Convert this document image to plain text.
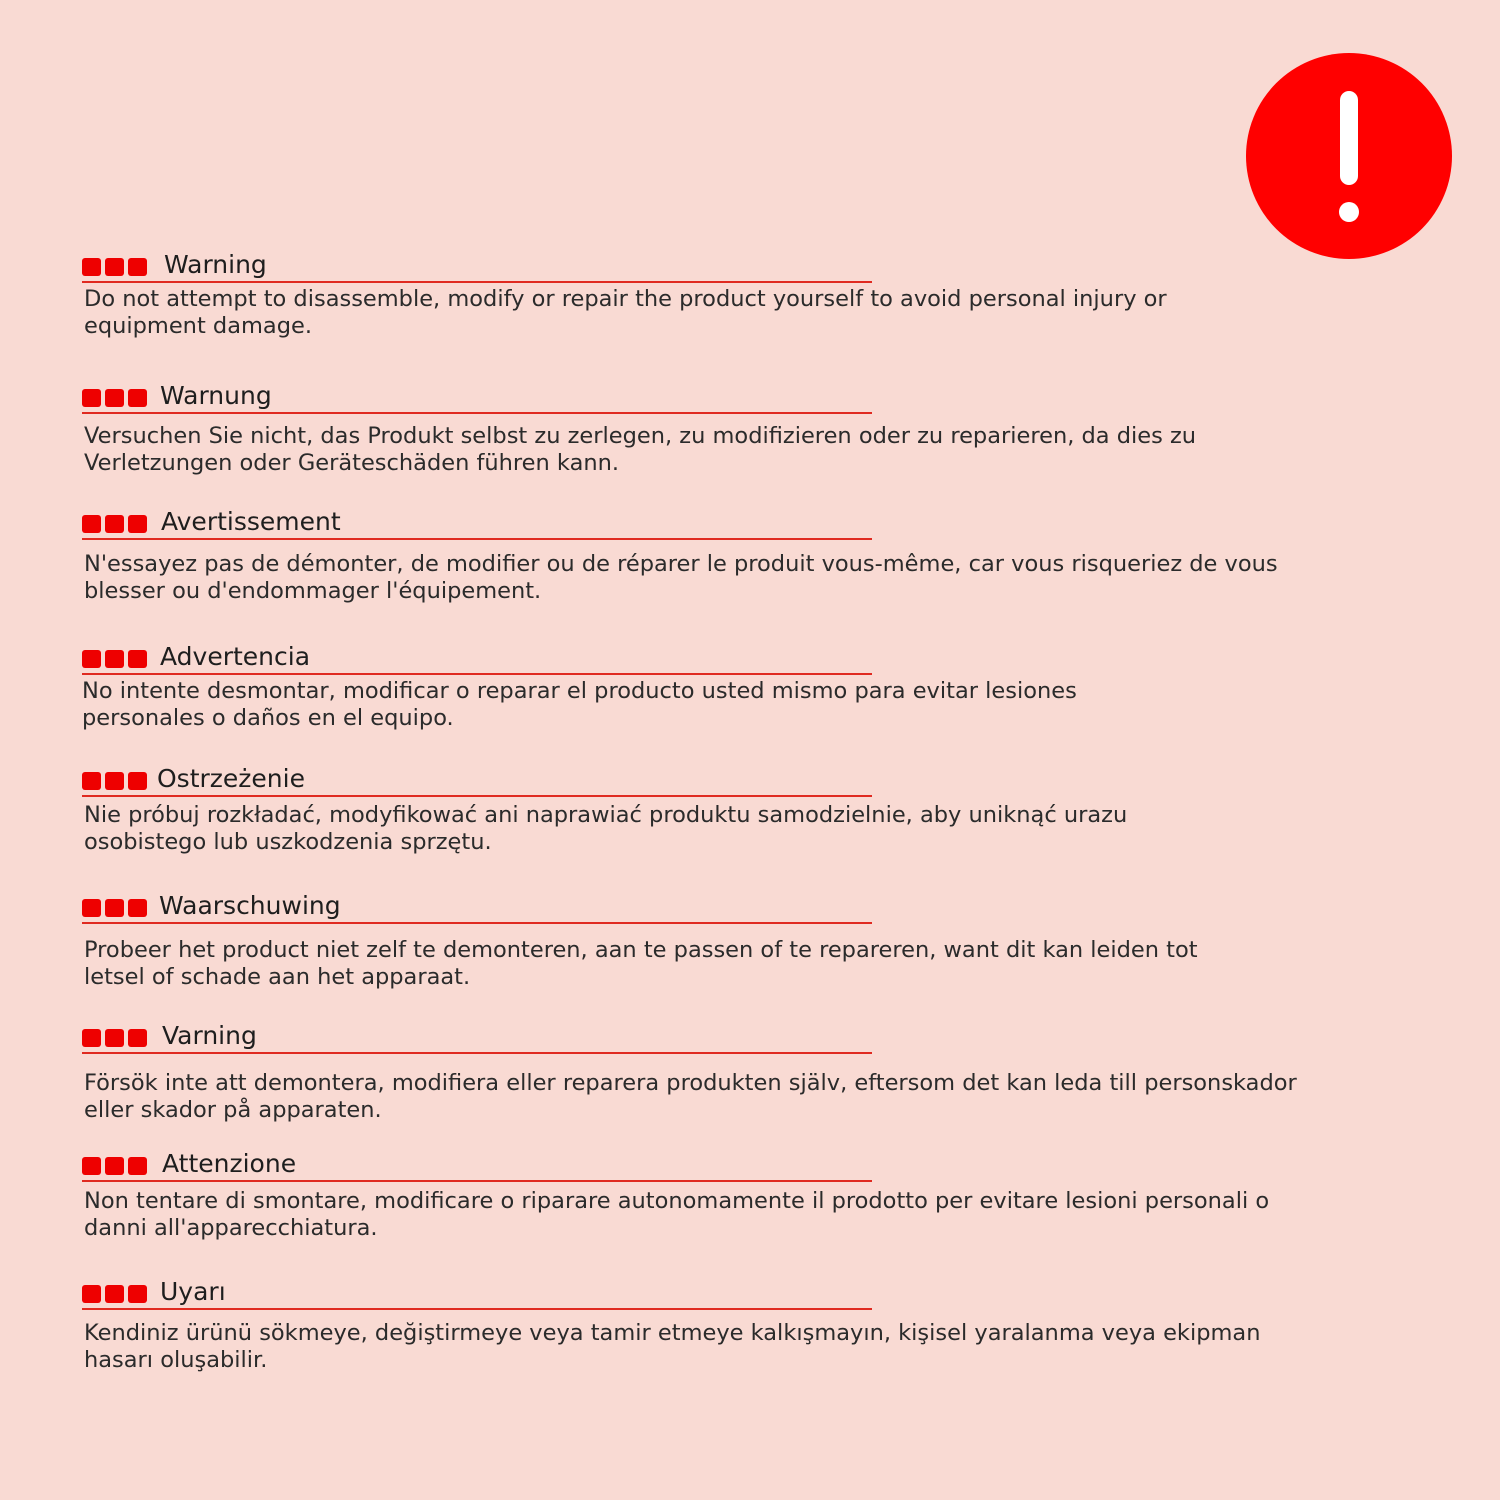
Warning
Do not attempt to disassemble, modify or repair the product yourself to avoid personal injury or equipment damage.
Warnung
Versuchen Sie nicht, das Produkt selbst zu zerlegen, zu modifizieren oder zu reparieren, da dies zu Verletzungen oder Geräteschäden führen kann.
Avertissement
N'essayez pas de démonter, de modifier ou de réparer le produit vous-même, car vous risqueriez de vous blesser ou d'endommager l'équipement.
Advertencia
No intente desmontar, modificar o reparar el producto usted mismo para evitar lesiones personales o daños en el equipo.
Ostrzeżenie
Nie próbuj rozkładać, modyfikować ani naprawiać produktu samodzielnie, aby uniknąć urazu osobistego lub uszkodzenia sprzętu.
Waarschuwing
Probeer het product niet zelf te demonteren, aan te passen of te repareren, want dit kan leiden tot letsel of schade aan het apparaat.
Varning
Försök inte att demontera, modifiera eller reparera produkten själv, eftersom det kan leda till personskador eller skador på apparaten.
Attenzione
Non tentare di smontare, modificare o riparare autonomamente il prodotto per evitare lesioni personali o danni all'apparecchiatura.
Uyarı
Kendiniz ürünü sökmeye, değiştirmeye veya tamir etmeye kalkışmayın, kişisel yaralanma veya ekipman hasarı oluşabilir.
